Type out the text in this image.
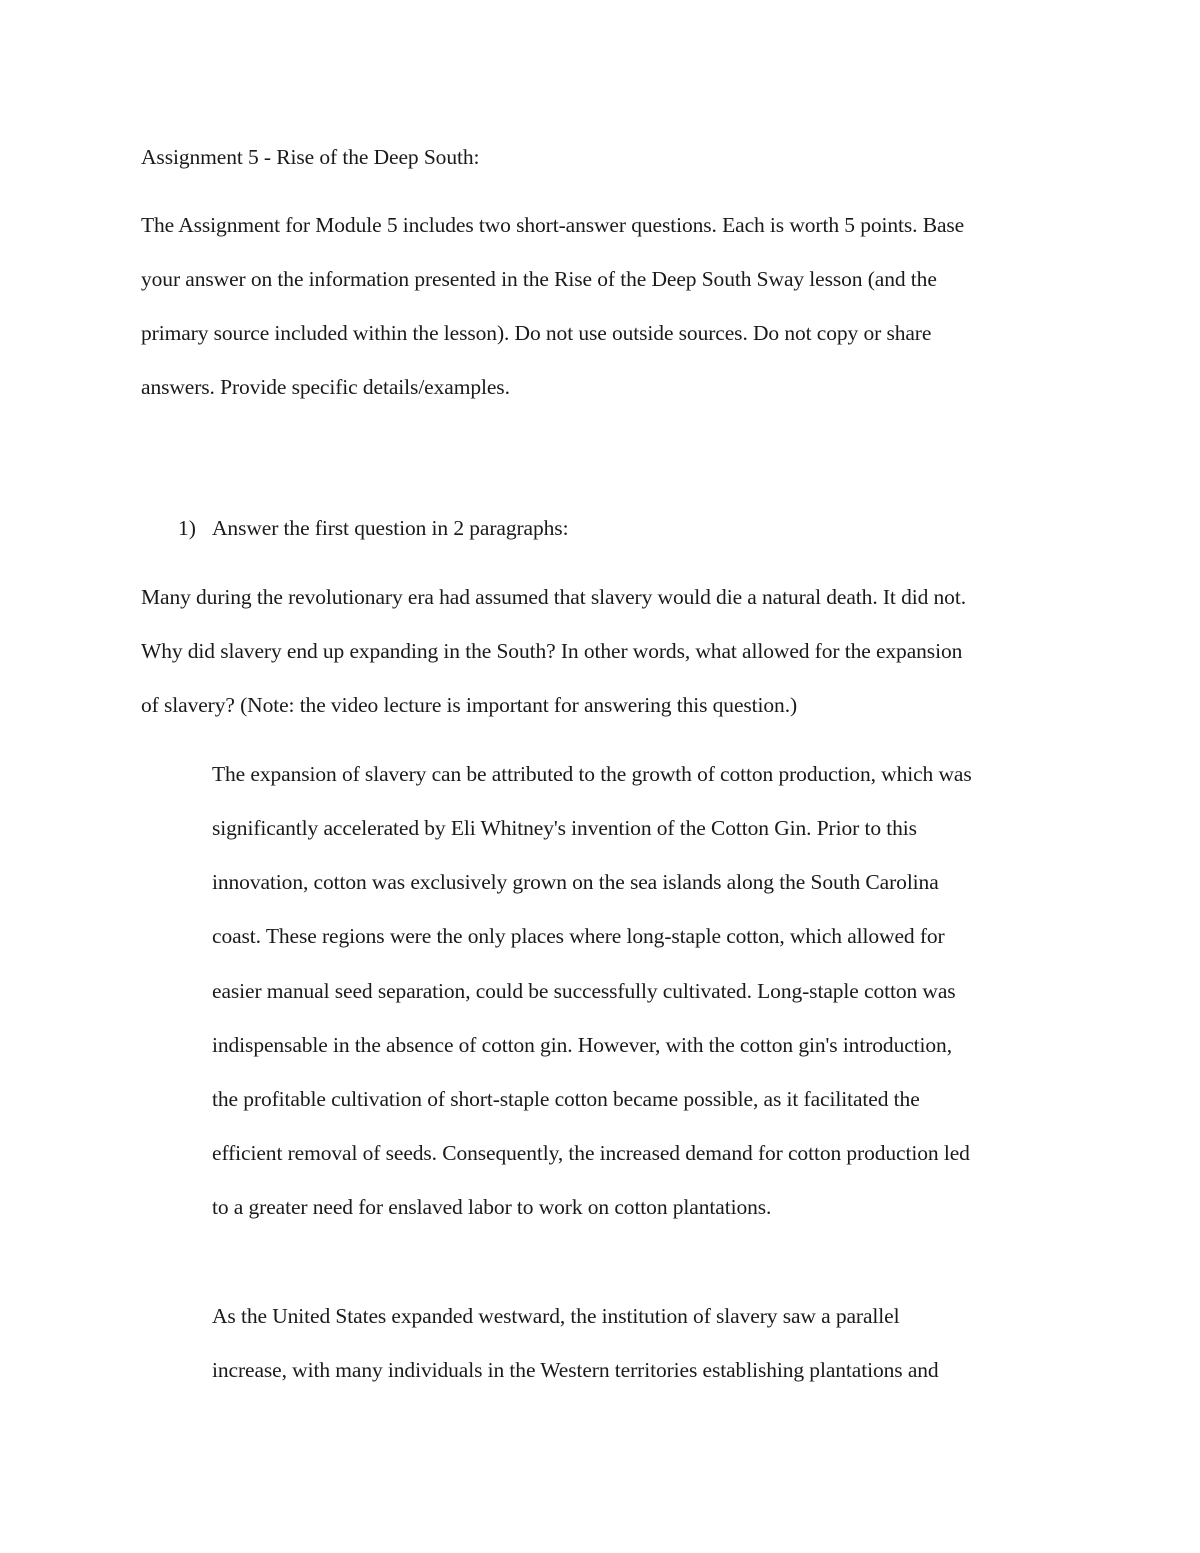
Assignment 5 - Rise of the Deep South:
The Assignment for Module 5 includes two short-answer questions. Each is worth 5 points. Base
your answer on the information presented in the Rise of the Deep South Sway lesson (and the
primary source included within the lesson). Do not use outside sources. Do not copy or share
answers. Provide specific details/examples.
1) Answer the first question in 2 paragraphs:
Many during the revolutionary era had assumed that slavery would die a natural death. It did not.
Why did slavery end up expanding in the South? In other words, what allowed for the expansion
of slavery? (Note: the video lecture is important for answering this question.)
The expansion of slavery can be attributed to the growth of cotton production, which was
significantly accelerated by Eli Whitney's invention of the Cotton Gin. Prior to this
innovation, cotton was exclusively grown on the sea islands along the South Carolina
coast. These regions were the only places where long-staple cotton, which allowed for
easier manual seed separation, could be successfully cultivated. Long-staple cotton was
indispensable in the absence of cotton gin. However, with the cotton gin's introduction,
the profitable cultivation of short-staple cotton became possible, as it facilitated the
efficient removal of seeds. Consequently, the increased demand for cotton production led
to a greater need for enslaved labor to work on cotton plantations.
As the United States expanded westward, the institution of slavery saw a parallel
increase, with many individuals in the Western territories establishing plantations and
